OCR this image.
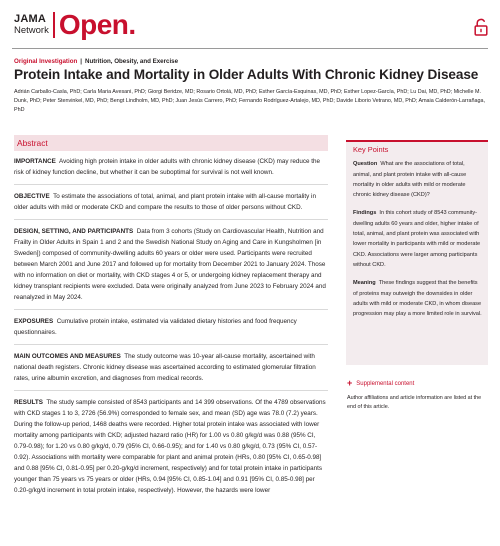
JAMA
Network Open.
Original Investigation | Nutrition, Obesity, and Exercise
Protein Intake and Mortality in Older Adults With Chronic Kidney Disease

Adrián Carballo-Casla, PhD; Carla Maria Avesani, PhD; Giorgi Beridze, MD; Rosario Ortolá, MD, PhD; Esther García-Esquinas, MD, PhD; Esther Lopez-García, PhD; Lu Dai, MD, PhD; Michelle M. Dunk, PhD; Peter Stenvinkel, MD, PhD; Bengt Lindholm, MD, PhD; Juan Jesús Carrero, PhD; Fernando Rodríguez-Artalejo, MD, PhD; Davide Liborio Vetrano, MD, PhD; Amaia Calderón-Larrañaga, PhD

Abstract

IMPORTANCE Avoiding high protein intake in older adults with chronic kidney disease (CKD) may reduce the risk of kidney function decline, but whether it can be suboptimal for survival is not well known.

OBJECTIVE To estimate the associations of total, animal, and plant protein intake with all-cause mortality in older adults with mild or moderate CKD and compare the results to those of older persons without CKD.

DESIGN, SETTING, AND PARTICIPANTS Data from 3 cohorts (Study on Cardiovascular Health, Nutrition and Frailty in Older Adults in Spain 1 and 2 and the Swedish National Study on Aging and Care in Kungsholmen [in Sweden]) composed of community-dwelling adults 60 years or older were used. Participants were recruited between March 2001 and June 2017 and followed up for mortality from December 2021 to January 2024. Those with no information on diet or mortality, with CKD stages 4 or 5, or undergoing kidney replacement therapy and kidney transplant recipients were excluded. Data were originally analyzed from June 2023 to February 2024 and reanalyzed in May 2024.

EXPOSURES Cumulative protein intake, estimated via validated dietary histories and food frequency questionnaires.

MAIN OUTCOMES AND MEASURES The study outcome was 10-year all-cause mortality, ascertained with national death registers. Chronic kidney disease was ascertained according to estimated glomerular filtration rates, urine albumin excretion, and diagnoses from medical records.

RESULTS The study sample consisted of 8543 participants and 14 399 observations. Of the 4789 observations with CKD stages 1 to 3, 2726 (56.9%) corresponded to female sex, and mean (SD) age was 78.0 (7.2) years. During the follow-up period, 1468 deaths were recorded. Higher total protein intake was associated with lower mortality among participants with CKD; adjusted hazard ratio (HR) for 1.00 vs 0.80 g/kg/d was 0.88 (95% CI, 0.79-0.98); for 1.20 vs 0.80 g/kg/d, 0.79 (95% CI, 0.66-0.95); and for 1.40 vs 0.80 g/kg/d, 0.73 (95% CI, 0.57-0.92). Associations with mortality were comparable for plant and animal protein (HRs, 0.80 [95% CI, 0.65-0.98] and 0.88 [95% CI, 0.81-0.95] per 0.20-g/kg/d increment, respectively) and for total protein intake in participants younger than 75 years vs 75 years or older (HRs, 0.94 [95% CI, 0.85-1.04] and 0.91 [95% CI, 0.85-0.98] per 0.20-g/kg/d increment in total protein intake, respectively). However, the hazards were lower

Key Points

Question What are the associations of total, animal, and plant protein intake with all-cause mortality in older adults with mild or moderate chronic kidney disease (CKD)?

Findings In this cohort study of 8543 community-dwelling adults 60 years and older, higher intake of total, animal, and plant protein was associated with lower mortality in participants with mild or moderate CKD. Associations were larger among participants without CKD.

Meaning These findings suggest that the benefits of proteins may outweigh the downsides in older adults with mild or moderate CKD, in whom disease progression may play a more limited role in survival.

+ Supplemental content

Author affiliations and article information are listed at the end of this article.
